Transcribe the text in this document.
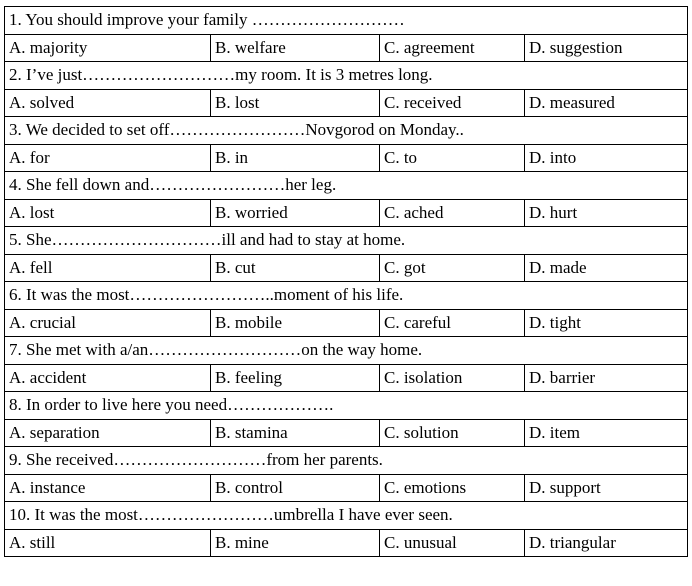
1. You should improve your family ………………………			
A. majority	B. welfare	C. agreement	D. suggestion
2. I’ve just………………………my room. It is 3 metres long.			
A. solved	B. lost	C. received	D. measured
3. We decided to set off……………………Novgorod on Monday..			
A. for	B. in	C. to	D. into
4. She fell down and……………………her leg.			
A. lost	B. worried	C. ached	D. hurt
5. She…………………………ill and had to stay at home.			
A. fell	B. cut	C. got	D. made
6. It was the most……………………..moment of his life.			
A. crucial	B. mobile	C. careful	D. tight
7. She met with a/an………………………on the way home.			
A. accident	B. feeling	C. isolation	D. barrier
8. In order to live here you need……………….			
A. separation	B. stamina	C. solution	D. item
9. She received………………………from her parents.			
A. instance	B. control	C. emotions	D. support
10. It was the most……………………umbrella I have ever seen.			
A. still	B. mine	C. unusual	D. triangular
